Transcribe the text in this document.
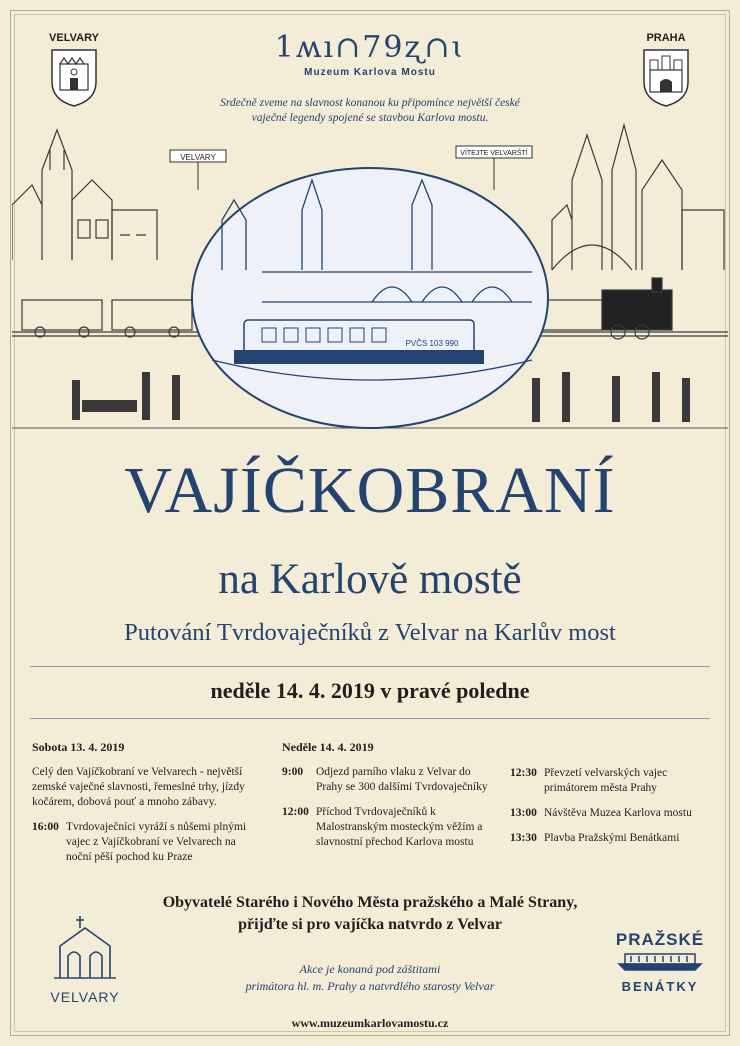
VELVARY	PRAHA
1ʍı∩79ʐ∩ɩ
Muzeum Karlova Mostu
Srdečně zveme na slavnost konanou ku připomínce největší české vaječné legendy spojené se stavbou Karlova mostu.
VELVARY	VÍTEJTE VELVARŠTÍ
PVČS 103 990
VAJÍČKOBRANÍ
na Karlově mostě
Putování Tvrdovaječníků z Velvar na Karlův most
neděle 14. 4. 2019 v pravé poledne
Sobota 13. 4. 2019
Celý den Vajíčkobraní ve Velvarech - největší zemské vaječné slavnosti, řemeslné trhy, jízdy kočárem, dobová pouť a mnoho zábavy.
16:00 Tvrdovaječníci vyráží s nůšemi plnými vajec z Vajíčkobraní ve Velvarech na noční pěší pochod ku Praze
Neděle 14. 4. 2019
9:00	Odjezd parního vlaku z Velvar do Prahy se 300 dalšími Tvrdovaječníky
12:00 Příchod Tvrdovaječníků k Malostranským mosteckým věžím a slavnostní přechod Karlova mostu
12:30 Převzetí velvarských vajec primátorem města Prahy
13:00 Návštěva Muzea Karlova mostu
13:30 Plavba Pražskými Benátkami
Obyvatelé Starého i Nového Města pražského a Malé Strany,
přijďte si pro vajíčka natvrdo z Velvar
Akce je konaná pod záštitami
primátora hl. m. Prahy a natvrdlého starosty Velvar
www.muzeumkarlovamostu.cz
VELVARY
PRAŽSKÉ
BENÁTKY
